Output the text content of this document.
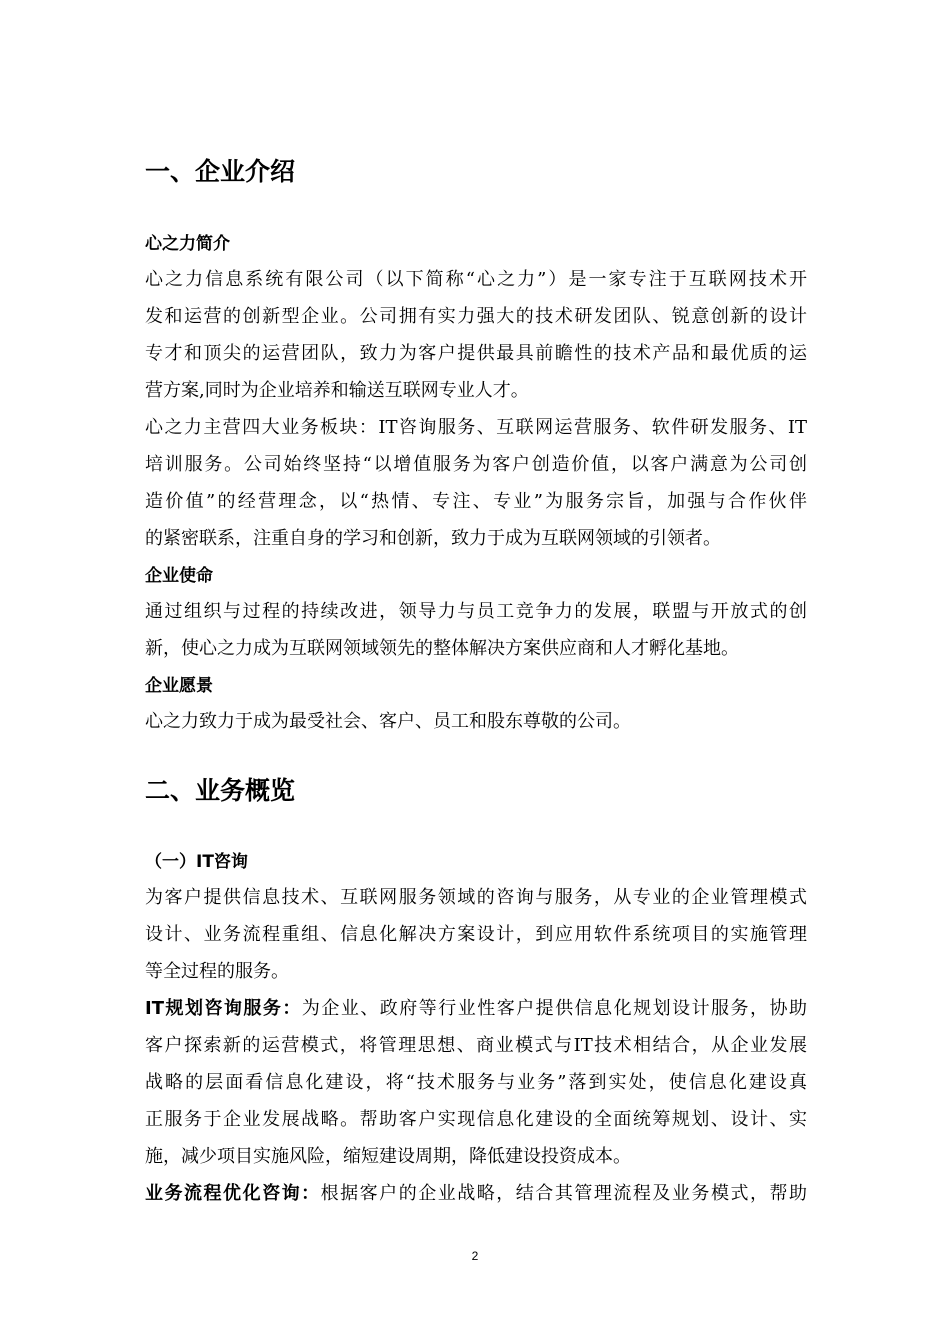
一、企业介绍
心之力简介
心之力信息系统有限公司（以下简称“心之力”）是一家专注于互联网技术开
发和运营的创新型企业。公司拥有实力强大的技术研发团队、锐意创新的设计
专才和顶尖的运营团队，致力为客户提供最具前瞻性的技术产品和最优质的运
营方案,同时为企业培养和输送互联网专业人才。
心之力主营四大业务板块：IT咨询服务、互联网运营服务、软件研发服务、IT
培训服务。公司始终坚持“以增值服务为客户创造价值，以客户满意为公司创
造价值”的经营理念，以“热情、专注、专业”为服务宗旨，加强与合作伙伴
的紧密联系，注重自身的学习和创新，致力于成为互联网领域的引领者。
企业使命
通过组织与过程的持续改进，领导力与员工竞争力的发展，联盟与开放式的创
新，使心之力成为互联网领域领先的整体解决方案供应商和人才孵化基地。
企业愿景
心之力致力于成为最受社会、客户、员工和股东尊敬的公司。
二、业务概览
（一）IT咨询
为客户提供信息技术、互联网服务领域的咨询与服务，从专业的企业管理模式
设计、业务流程重组、信息化解决方案设计，到应用软件系统项目的实施管理
等全过程的服务。
IT规划咨询服务：为企业、政府等行业性客户提供信息化规划设计服务，协助
客户探索新的运营模式，将管理思想、商业模式与IT技术相结合，从企业发展
战略的层面看信息化建设，将“技术服务与业务”落到实处，使信息化建设真
正服务于企业发展战略。帮助客户实现信息化建设的全面统筹规划、设计、实
施，减少项目实施风险，缩短建设周期，降低建设投资成本。
业务流程优化咨询：根据客户的企业战略，结合其管理流程及业务模式，帮助
2
